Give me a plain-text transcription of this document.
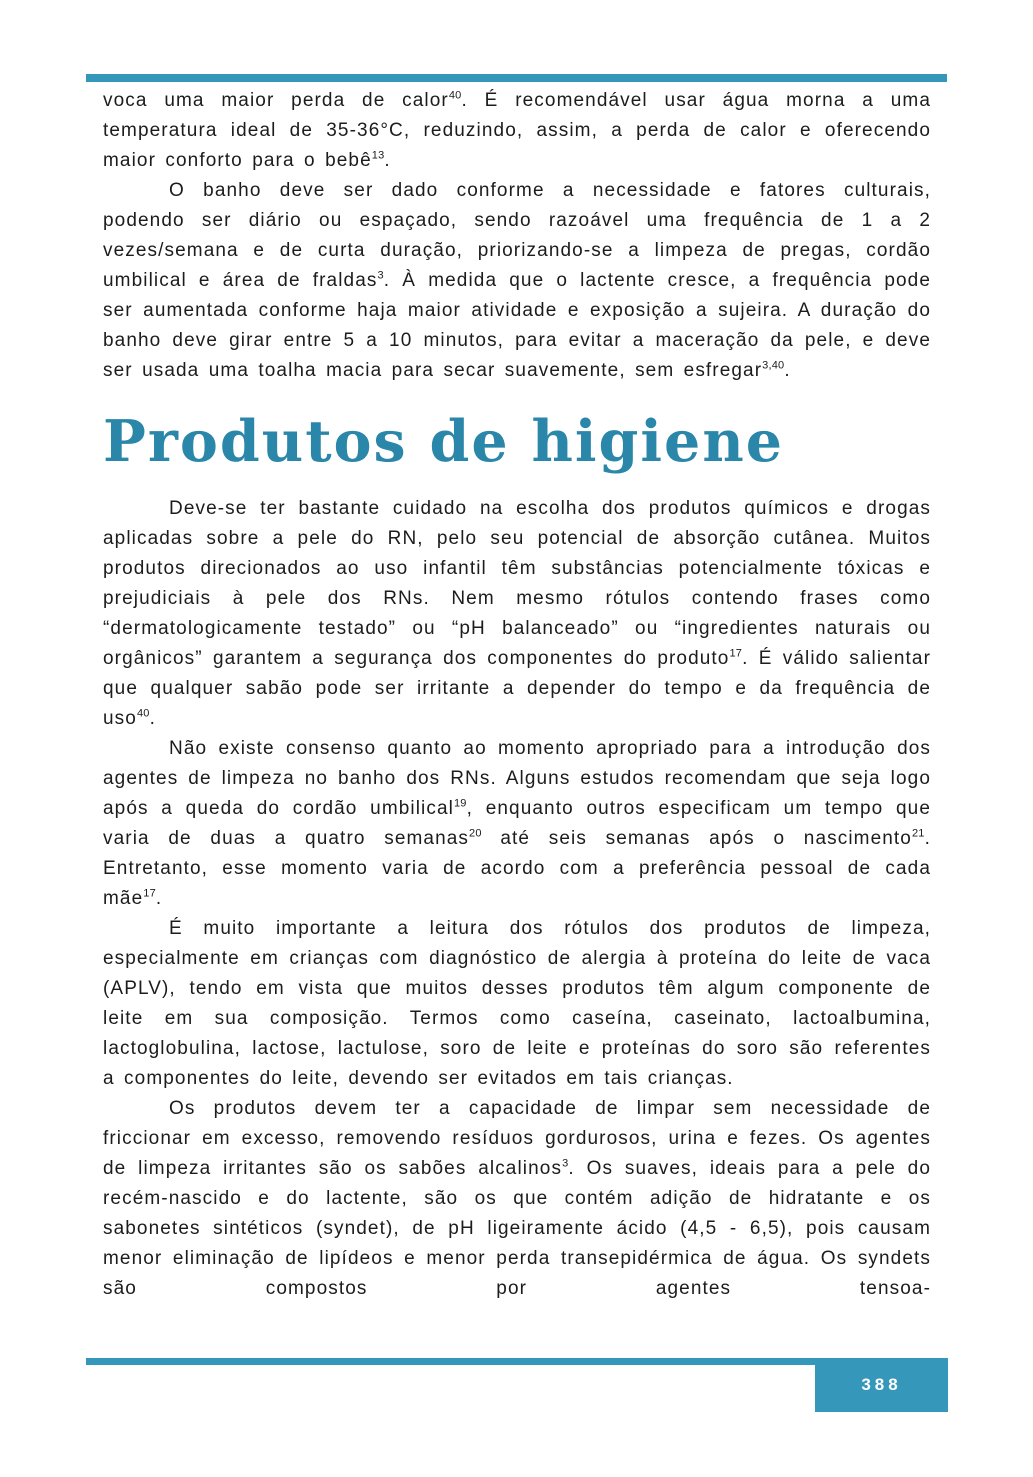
voca uma maior perda de calor$^{40}$. É recomendável usar água morna a uma temperatura ideal de 35-36°C, reduzindo, assim, a perda de calor e oferecendo maior conforto para o bebê$^{13}$.

O banho deve ser dado conforme a necessidade e fatores culturais, podendo ser diário ou espaçado, sendo razoável uma frequência de 1 a 2 vezes/semana e de curta duração, priorizando-se a limpeza de pregas, cordão umbilical e área de fraldas$^3$. À medida que o lactente cresce, a frequência pode ser aumentada conforme haja maior atividade e exposição a sujeira. A duração do banho deve girar entre 5 a 10 minutos, para evitar a maceração da pele, e deve ser usada uma toalha macia para secar suavemente, sem esfregar$^{3,40}$.

Produtos de higiene

Deve-se ter bastante cuidado na escolha dos produtos químicos e drogas aplicadas sobre a pele do RN, pelo seu potencial de absorção cutânea. Muitos produtos direcionados ao uso infantil têm substâncias potencialmente tóxicas e prejudiciais à pele dos RNs. Nem mesmo rótulos contendo frases como “dermatologicamente testado” ou “pH balanceado” ou “ingredientes naturais ou orgânicos” garantem a segurança dos componentes do produto$^{17}$. É válido salientar que qualquer sabão pode ser irritante a depender do tempo e da frequência de uso$^{40}$.

Não existe consenso quanto ao momento apropriado para a introdução dos agentes de limpeza no banho dos RNs. Alguns estudos recomendam que seja logo após a queda do cordão umbilical$^{19}$, enquanto outros especificam um tempo que varia de duas a quatro semanas$^{20}$ até seis semanas após o nascimento$^{21}$. Entretanto, esse momento varia de acordo com a preferência pessoal de cada mãe$^{17}$.

É muito importante a leitura dos rótulos dos produtos de limpeza, especialmente em crianças com diagnóstico de alergia à proteína do leite de vaca (APLV), tendo em vista que muitos desses produtos têm algum componente de leite em sua composição. Termos como caseína, caseinato, lactoalbumina, lactoglobulina, lactose, lactulose, soro de leite e proteínas do soro são referentes a componentes do leite, devendo ser evitados em tais crianças.

Os produtos devem ter a capacidade de limpar sem necessidade de friccionar em excesso, removendo resíduos gordurosos, urina e fezes. Os agentes de limpeza irritantes são os sabões alcalinos$^3$. Os suaves, ideais para a pele do recém-nascido e do lactente, são os que contém adição de hidratante e os sabonetes sintéticos (syndet), de pH ligeiramente ácido (4,5 - 6,5), pois causam menor eliminação de lipídeos e menor perda transepidérmica de água. Os syndets são compostos por agentes tensoa-

388
